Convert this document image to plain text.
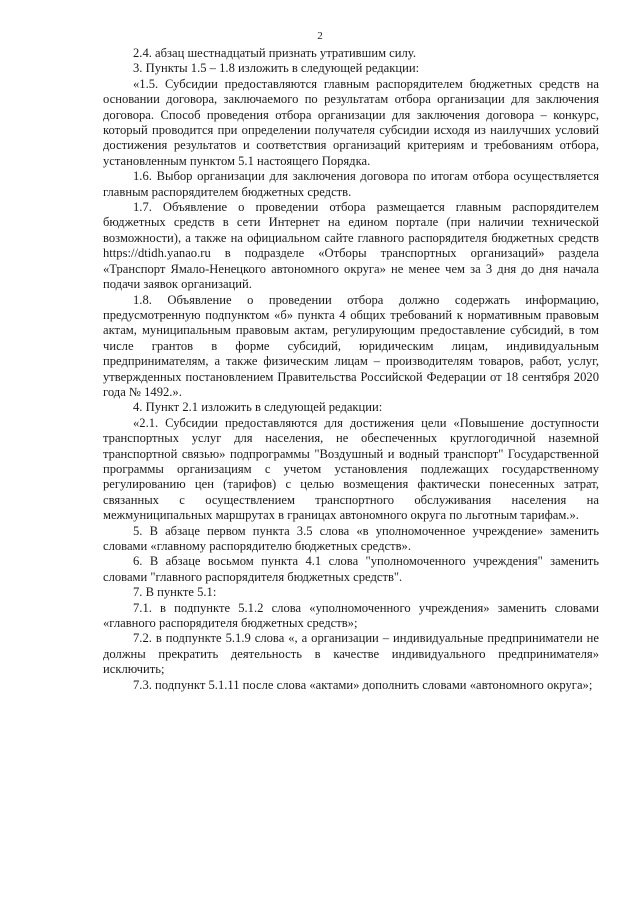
2

2.4. абзац шестнадцатый признать утратившим силу.

3. Пункты 1.5 – 1.8 изложить в следующей редакции:

«1.5. Субсидии предоставляются главным распорядителем бюджетных средств на основании договора, заключаемого по результатам отбора организации для заключения договора. Способ проведения отбора организации для заключения договора – конкурс, который проводится при определении получателя субсидии исходя из наилучших условий достижения результатов и соответствия организаций критериям и требованиям отбора, установленным пунктом 5.1 настоящего Порядка.

1.6. Выбор организации для заключения договора по итогам отбора осуществляется главным распорядителем бюджетных средств.

1.7. Объявление о проведении отбора размещается главным распорядителем бюджетных средств в сети Интернет на едином портале (при наличии технической возможности), а также на официальном сайте главного распорядителя бюджетных средств https://dtidh.yanao.ru в подразделе «Отборы транспортных организаций» раздела «Транспорт Ямало-Ненецкого автономного округа» не менее чем за 3 дня до дня начала подачи заявок организаций.

1.8. Объявление о проведении отбора должно содержать информацию, предусмотренную подпунктом «б» пункта 4 общих требований к нормативным правовым актам, муниципальным правовым актам, регулирующим предоставление субсидий, в том числе грантов в форме субсидий, юридическим лицам, индивидуальным предпринимателям, а также физическим лицам – производителям товаров, работ, услуг, утвержденных постановлением Правительства Российской Федерации от 18 сентября 2020 года № 1492.».

4. Пункт 2.1 изложить в следующей редакции:

«2.1. Субсидии предоставляются для достижения цели «Повышение доступности транспортных услуг для населения, не обеспеченных круглогодичной наземной транспортной связью» подпрограммы "Воздушный и водный транспорт" Государственной программы организациям с учетом установления подлежащих государственному регулированию цен (тарифов) с целью возмещения фактически понесенных затрат, связанных с осуществлением транспортного обслуживания населения на межмуниципальных маршрутах в границах автономного округа по льготным тарифам.».

5. В абзаце первом пункта 3.5 слова «в уполномоченное учреждение» заменить словами «главному распорядителю бюджетных средств».

6. В абзаце восьмом пункта 4.1 слова "уполномоченного учреждения" заменить словами "главного распорядителя бюджетных средств".

7. В пункте 5.1:

7.1. в подпункте 5.1.2 слова «уполномоченного учреждения» заменить словами «главного распорядителя бюджетных средств»;

7.2. в подпункте 5.1.9 слова «, а организации – индивидуальные предприниматели не должны прекратить деятельность в качестве индивидуального предпринимателя» исключить;

7.3. подпункт 5.1.11 после слова «актами» дополнить словами «автономного округа»;
